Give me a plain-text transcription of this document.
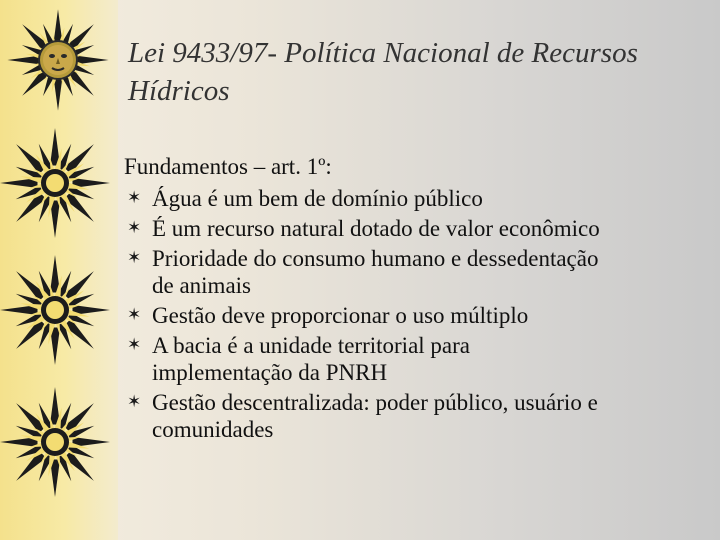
Lei 9433/97- Política Nacional de Recursos
Hídricos
Fundamentos – art. 1º:
✶ Água é um bem de domínio público
✶ É um recurso natural dotado de valor econômico
✶ Prioridade do consumo humano e dessedentação
de animais
✶ Gestão deve proporcionar o uso múltiplo
✶ A bacia é a unidade territorial para
implementação da PNRH
✶ Gestão descentralizada: poder público, usuário e
comunidades
